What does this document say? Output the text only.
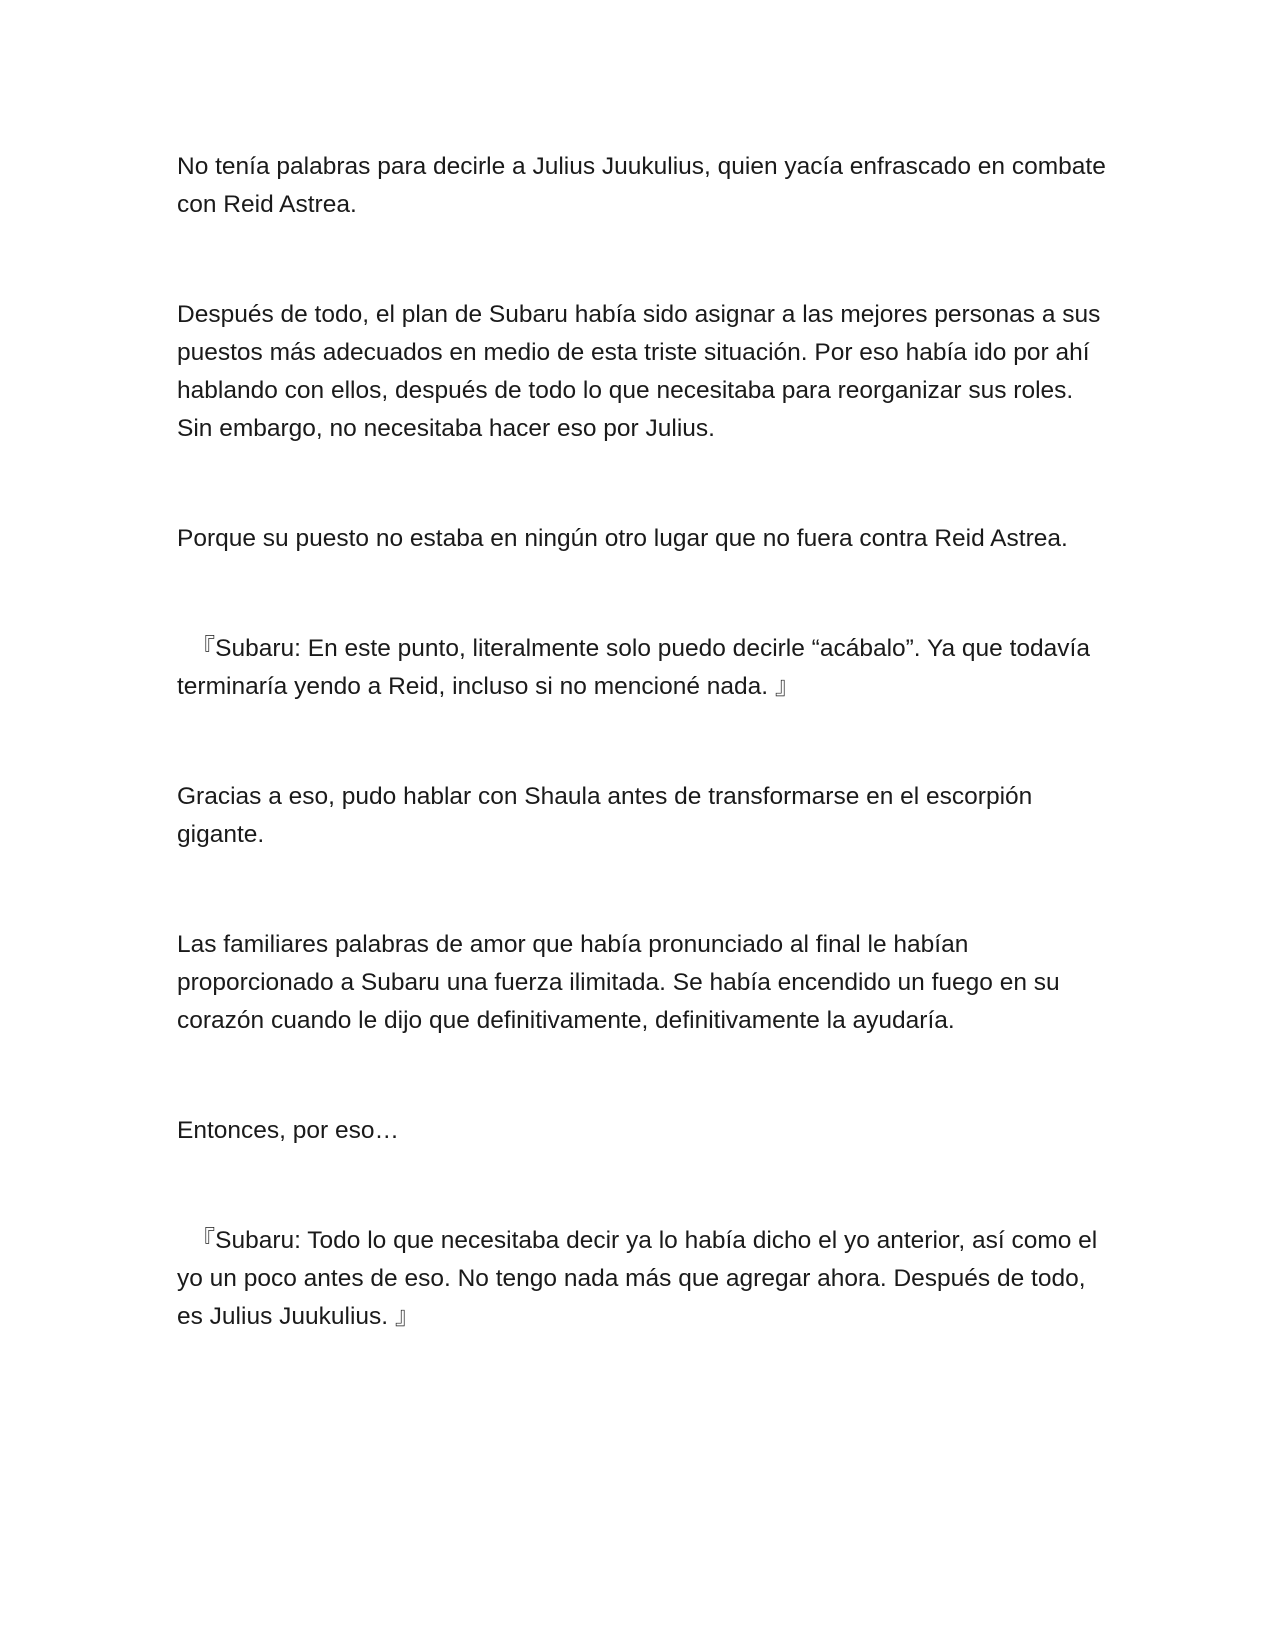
No tenía palabras para decirle a Julius Juukulius, quien yacía enfrascado en combate con Reid Astrea.

Después de todo, el plan de Subaru había sido asignar a las mejores personas a sus puestos más adecuados en medio de esta triste situación. Por eso había ido por ahí hablando con ellos, después de todo lo que necesitaba para reorganizar sus roles. Sin embargo, no necesitaba hacer eso por Julius.

Porque su puesto no estaba en ningún otro lugar que no fuera contra Reid Astrea.

『Subaru: En este punto, literalmente solo puedo decirle “acábalo”. Ya que todavía terminaría yendo a Reid, incluso si no mencioné nada. 』

Gracias a eso, pudo hablar con Shaula antes de transformarse en el escorpión gigante.

Las familiares palabras de amor que había pronunciado al final le habían proporcionado a Subaru una fuerza ilimitada. Se había encendido un fuego en su corazón cuando le dijo que definitivamente, definitivamente la ayudaría.

Entonces, por eso…

『Subaru: Todo lo que necesitaba decir ya lo había dicho el yo anterior, así como el yo un poco antes de eso. No tengo nada más que agregar ahora. Después de todo, es Julius Juukulius. 』
